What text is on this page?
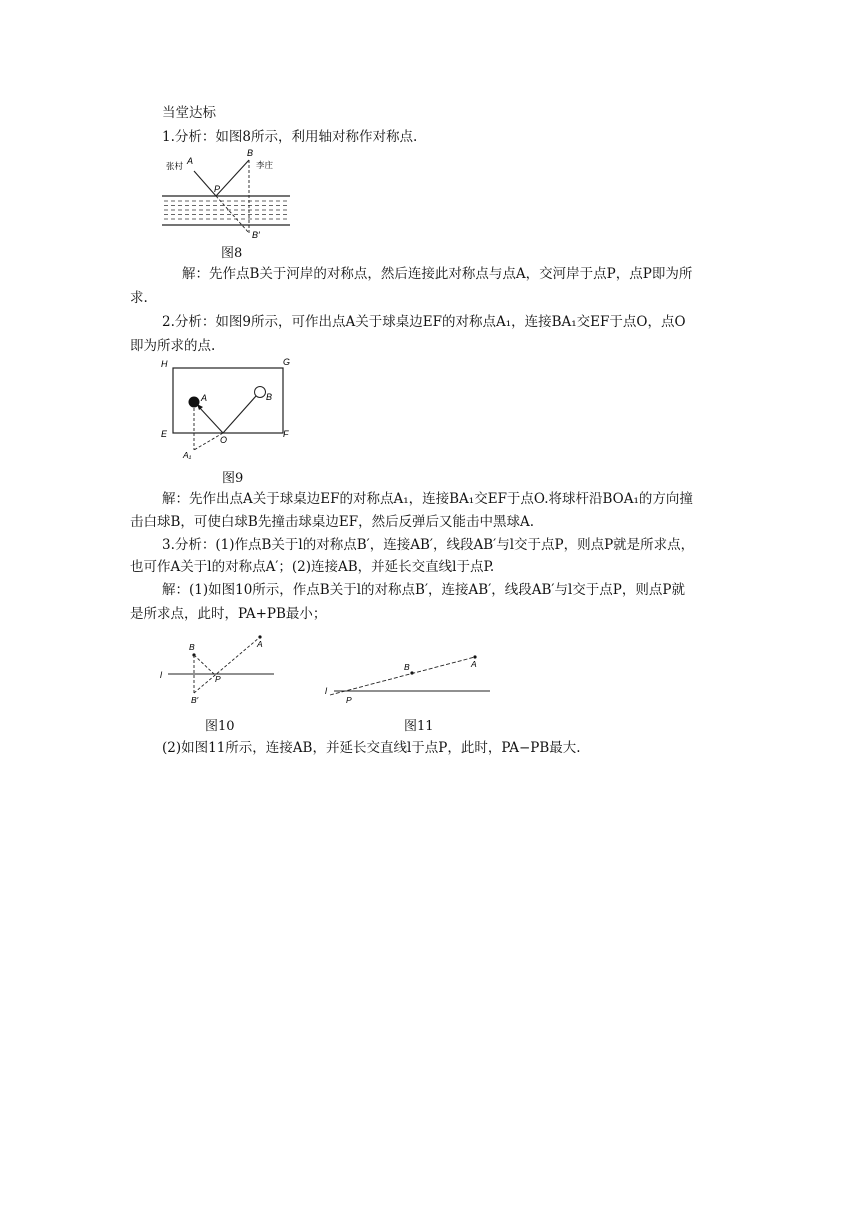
当堂达标
1.分析：如图8所示，利用轴对称作对称点.
张村 A
B
李庄
P
B′
图8
解：先作点B关于河岸的对称点，然后连接此对称点与点A，交河岸于点P，点P即为所
求.
2.分析：如图9所示，可作出点A关于球桌边EF的对称点A₁，连接BA₁交EF于点O，点O
即为所求的点.
H	G
E	F
A	B
O
A₁
图9
解：先作出点A关于球桌边EF的对称点A₁，连接BA₁交EF于点O.将球杆沿BOA₁的方向撞
击白球B，可使白球B先撞击球桌边EF，然后反弹后又能击中黑球A.
3.分析：(1)作点B关于l的对称点B′，连接AB′，线段AB′与l交于点P，则点P就是所求点，
也可作A关于l的对称点A′；(2)连接AB，并延长交直线l于点P.
解：(1)如图10所示，作点B关于l的对称点B′，连接AB′，线段AB′与l交于点P，则点P就
是所求点，此时，PA+PB最小；
l
B	A
P
B′
图10
l
B	A
P
图11
(2)如图11所示，连接AB，并延长交直线l于点P，此时，PA−PB最大.
